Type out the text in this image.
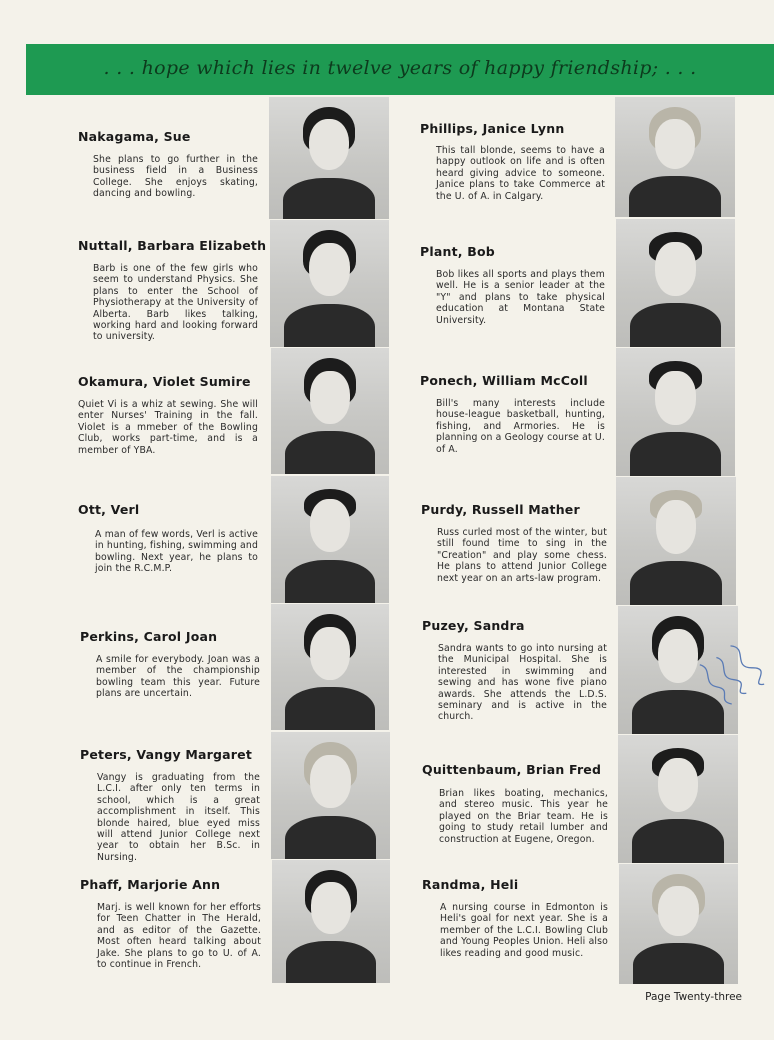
. . . hope which lies in twelve years of happy friendship; . . .
Nakagama, Sue
She plans to go further in the business field in a Business College. She enjoys skating, dancing and bowling.
Nuttall, Barbara Elizabeth
Barb is one of the few girls who seem to understand Physics. She plans to enter the School of Physiotherapy at the University of Alberta. Barb likes talking, working hard and looking forward to university.
Okamura, Violet Sumire
Quiet Vi is a whiz at sewing. She will enter Nurses' Training in the fall. Violet is a mmeber of the Bowling Club, works part-time, and is a member of YBA.
Ott, Verl
A man of few words, Verl is active in hunting, fishing, swimming and bowling. Next year, he plans to join the R.C.M.P.
Perkins, Carol Joan
A smile for everybody. Joan was a member of the championship bowling team this year. Future plans are uncertain.
Peters, Vangy Margaret
Vangy is graduating from the L.C.I. after only ten terms in school, which is a great accomplishment in itself. This blonde haired, blue eyed miss will attend Junior College next year to obtain her B.Sc. in Nursing.
Phaff, Marjorie Ann
Marj. is well known for her efforts for Teen Chatter in The Herald, and as editor of the Gazette. Most often heard talking about Jake. She plans to go to U. of A. to continue in French.
Phillips, Janice Lynn
This tall blonde, seems to have a happy outlook on life and is often heard giving advice to someone. Janice plans to take Commerce at the U. of A. in Calgary.
Plant, Bob
Bob likes all sports and plays them well. He is a senior leader at the "Y" and plans to take physical education at Montana State University.
Ponech, William McColl
Bill's many interests include house-league basketball, hunting, fishing, and Armories. He is planning on a Geology course at U. of A.
Purdy, Russell Mather
Russ curled most of the winter, but still found time to sing in the "Creation" and play some chess. He plans to attend Junior College next year on an arts-law program.
Puzey, Sandra
Sandra wants to go into nursing at the Municipal Hospital. She is interested in swimming and sewing and has wone five piano awards. She attends the L.D.S. seminary and is active in the church.
Quittenbaum, Brian Fred
Brian likes boating, mechanics, and stereo music. This year he played on the Briar team. He is going to study retail lumber and construction at Eugene, Oregon.
Randma, Heli
A nursing course in Edmonton is Heli's goal for next year. She is a member of the L.C.I. Bowling Club and Young Peoples Union. Heli also likes reading and good music.
Page Twenty-three
